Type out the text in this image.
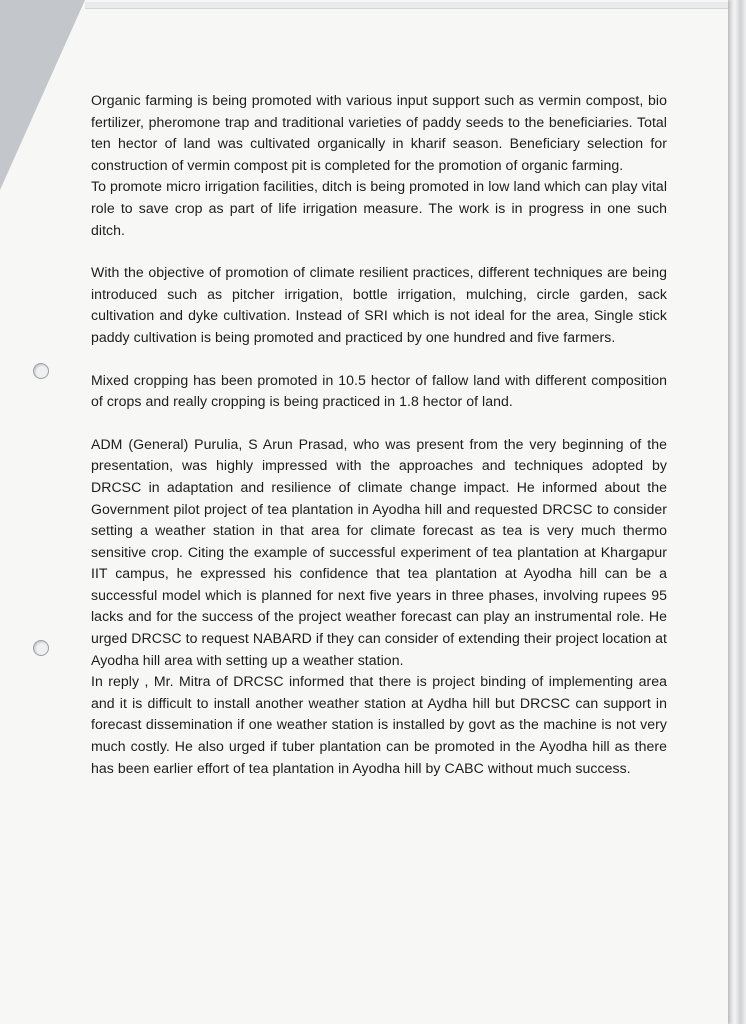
Organic farming is being promoted with various input support such as vermin compost, bio fertilizer, pheromone trap and traditional varieties of paddy seeds to the beneficiaries. Total ten hector of land was cultivated organically in kharif season. Beneficiary selection for construction of vermin compost pit is completed for the promotion of organic farming.

To promote micro irrigation facilities, ditch is being promoted in low land which can play vital role to save crop as part of life irrigation measure. The work is in progress in one such ditch.

With the objective of promotion of climate resilient practices, different techniques are being introduced such as pitcher irrigation, bottle irrigation, mulching, circle garden, sack cultivation and dyke cultivation. Instead of SRI which is not ideal for the area, Single stick paddy cultivation is being promoted and practiced by one hundred and five farmers.

Mixed cropping has been promoted in 10.5 hector of fallow land with different composition of crops and really cropping is being practiced in 1.8 hector of land.

ADM (General) Purulia, S Arun Prasad, who was present from the very beginning of the presentation, was highly impressed with the approaches and techniques adopted by DRCSC in adaptation and resilience of climate change impact. He informed about the Government pilot project of tea plantation in Ayodha hill and requested DRCSC to consider setting a weather station in that area for climate forecast as tea is very much thermo sensitive crop. Citing the example of successful experiment of tea plantation at Khargapur IIT campus, he expressed his confidence that tea plantation at Ayodha hill can be a successful model which is planned for next five years in three phases, involving rupees 95 lacks and for the success of the project weather forecast can play an instrumental role. He urged DRCSC to request NABARD if they can consider of extending their project location at Ayodha hill area with setting up a weather station.

In reply , Mr. Mitra of DRCSC informed that there is project binding of implementing area and it is difficult to install another weather station at Aydha hill but DRCSC can support in forecast dissemination if one weather station is installed by govt as the machine is not very much costly. He also urged if tuber plantation can be promoted in the Ayodha hill as there has been earlier effort of tea plantation in Ayodha hill by CABC without much success.
